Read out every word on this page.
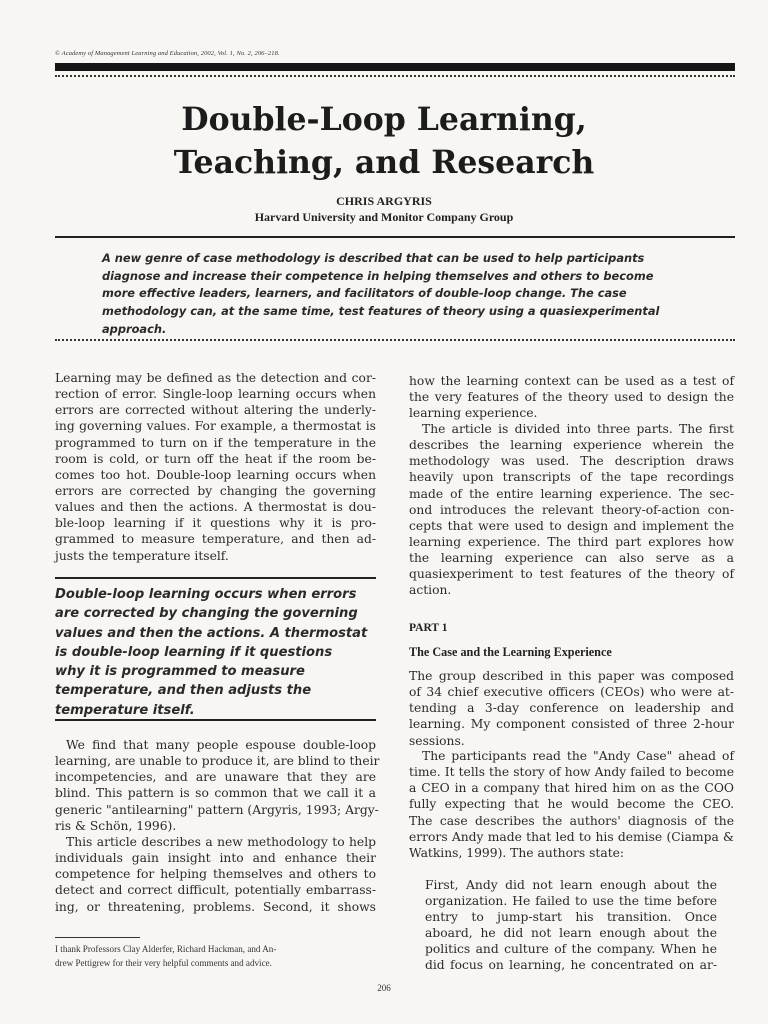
© Academy of Management Learning and Education, 2002, Vol. 1, No. 2, 206–218.
Double-Loop Learning,
Teaching, and Research
CHRIS ARGYRIS
Harvard University and Monitor Company Group
A new genre of case methodology is described that can be used to help participants
diagnose and increase their competence in helping themselves and others to become
more effective leaders, learners, and facilitators of double-loop change. The case
methodology can, at the same time, test features of theory using a quasiexperimental
approach.
Learning may be defined as the detection and cor-
rection of error. Single-loop learning occurs when
errors are corrected without altering the underly-
ing governing values. For example, a thermostat is
programmed to turn on if the temperature in the
room is cold, or turn off the heat if the room be-
comes too hot. Double-loop learning occurs when
errors are corrected by changing the governing
values and then the actions. A thermostat is dou-
ble-loop learning if it questions why it is pro-
grammed to measure temperature, and then ad-
justs the temperature itself.
Double-loop learning occurs when errors
are corrected by changing the governing
values and then the actions. A thermostat
is double-loop learning if it questions
why it is programmed to measure
temperature, and then adjusts the
temperature itself.
We find that many people espouse double-loop
learning, are unable to produce it, are blind to their
incompetencies, and are unaware that they are
blind. This pattern is so common that we call it a
generic "antilearning" pattern (Argyris, 1993; Argy-
ris & Schön, 1996).
This article describes a new methodology to help
individuals gain insight into and enhance their
competence for helping themselves and others to
detect and correct difficult, potentially embarrass-
ing, or threatening, problems. Second, it shows
I thank Professors Clay Alderfer, Richard Hackman, and An-
drew Pettigrew for their very helpful comments and advice.
how the learning context can be used as a test of
the very features of the theory used to design the
learning experience.
The article is divided into three parts. The first
describes the learning experience wherein the
methodology was used. The description draws
heavily upon transcripts of the tape recordings
made of the entire learning experience. The sec-
ond introduces the relevant theory-of-action con-
cepts that were used to design and implement the
learning experience. The third part explores how
the learning experience can also serve as a
quasiexperiment to test features of the theory of
action.
PART 1
The Case and the Learning Experience
The group described in this paper was composed
of 34 chief executive officers (CEOs) who were at-
tending a 3-day conference on leadership and
learning. My component consisted of three 2-hour
sessions.
The participants read the "Andy Case" ahead of
time. It tells the story of how Andy failed to become
a CEO in a company that hired him on as the COO
fully expecting that he would become the CEO.
The case describes the authors' diagnosis of the
errors Andy made that led to his demise (Ciampa &
Watkins, 1999). The authors state:
First, Andy did not learn enough about the
organization. He failed to use the time before
entry to jump-start his transition. Once
aboard, he did not learn enough about the
politics and culture of the company. When he
did focus on learning, he concentrated on ar-
206
